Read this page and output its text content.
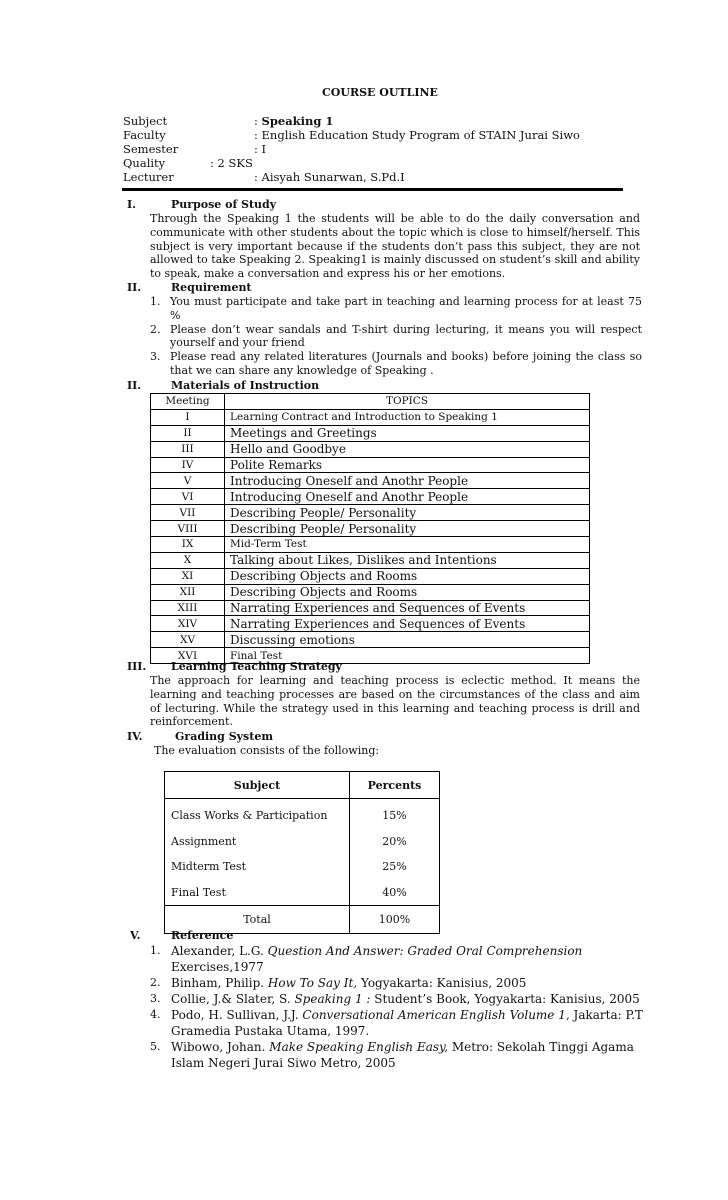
COURSE OUTLINE
Subject	: Speaking 1
Faculty	: English Education Study Program of STAIN Jurai Siwo
Semester	: I
Quality	: 2 SKS
Lecturer	: Aisyah Sunarwan, S.Pd.I
I.	Purpose of Study

Through the Speaking 1 the students will be able to do the daily conversation and communicate with other students about the topic which is close to himself/herself. This subject is very important because if the students don’t pass this subject, they are not allowed to take Speaking 2. Speaking1 is mainly discussed on student’s skill and ability to speak, make a conversation and express his or her emotions.

II.	Requirement
1. You must participate and take part in teaching and learning process for at least 75 %
2. Please don’t wear sandals and T-shirt during lecturing, it means you will respect yourself and your friend
3. Please read any related literatures (Journals and books) before joining the class so that we can share any knowledge of Speaking .
II.	Materials of Instruction
Meeting	TOPICS
I	Learning Contract and Introduction to Speaking 1
II	Meetings and Greetings
III	Hello and Goodbye
IV	Polite Remarks
V	Introducing Oneself and Anothr People
VI	Introducing Oneself and Anothr People
VII	Describing People/ Personality
VIII	Describing People/ Personality
IX	Mid-Term Test
X	Talking about Likes, Dislikes and Intentions
XI	Describing Objects and Rooms
XII	Describing Objects and Rooms
XIII	Narrating Experiences and Sequences of Events
XIV	Narrating Experiences and Sequences of Events
XV	Discussing emotions
XVI	Final Test
III. Learning Teaching Strategy

The approach for learning and teaching process is eclectic method. It means the learning and teaching processes are based on the circumstances of the class and aim of lecturing. While the strategy used in this learning and teaching process is drill and reinforcement.

IV.	Grading System
The evaluation consists of the following:
Subject	Percents
Class Works & Participation	15%
Assignment	20%
Midterm Test	25%
Final Test	40%
Total	100%
V.	Reference
1. Alexander, L.G. Question And Answer: Graded Oral Comprehension Exercises,1977
2. Binham, Philip. How To Say It, Yogyakarta: Kanisius, 2005
3. Collie, J.& Slater, S. Speaking 1 : Student’s Book, Yogyakarta: Kanisius, 2005
4. Podo, H. Sullivan, J.J. Conversational American English Volume 1, Jakarta: P.T Gramedia Pustaka Utama, 1997.
5. Wibowo, Johan. Make Speaking English Easy, Metro: Sekolah Tinggi Agama Islam Negeri Jurai Siwo Metro, 2005
